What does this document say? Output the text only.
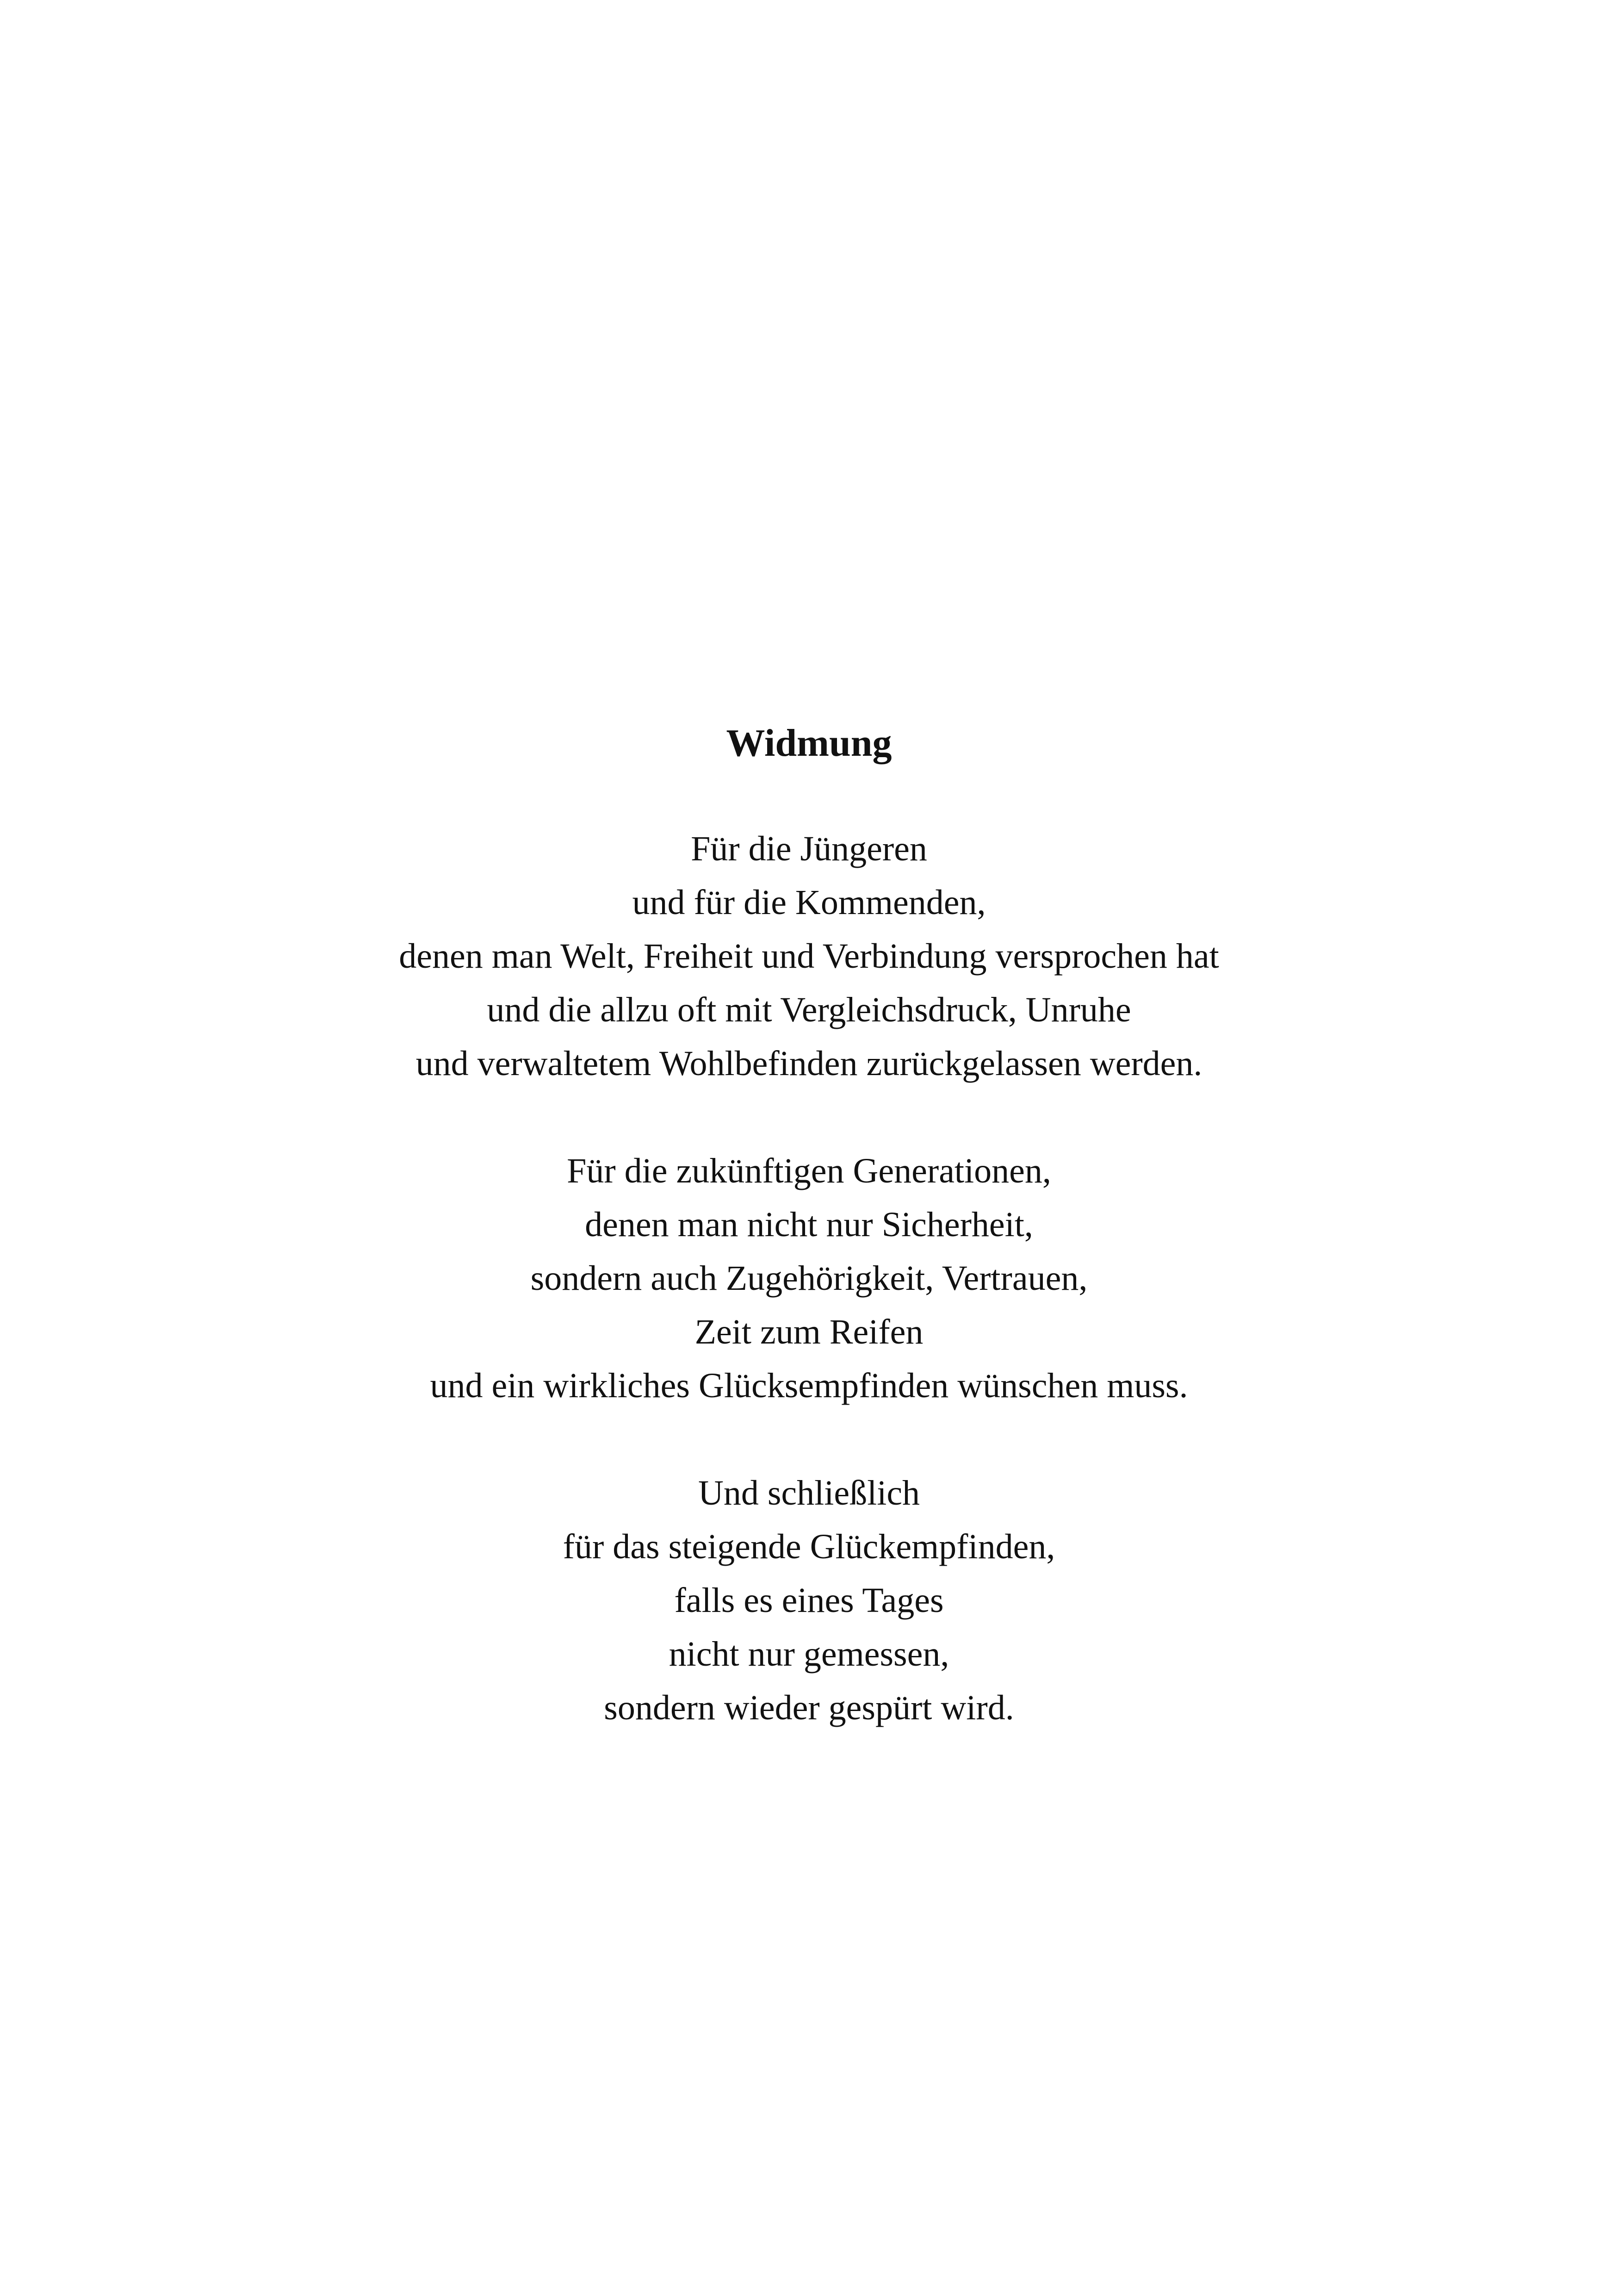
Widmung
Für die Jüngeren
und für die Kommenden,
denen man Welt, Freiheit und Verbindung versprochen hat
und die allzu oft mit Vergleichsdruck, Unruhe
und verwaltetem Wohlbefinden zurückgelassen werden.
Für die zukünftigen Generationen,
denen man nicht nur Sicherheit,
sondern auch Zugehörigkeit, Vertrauen,
Zeit zum Reifen
und ein wirkliches Glücksempfinden wünschen muss.
Und schließlich
für das steigende Glückempfinden,
falls es eines Tages
nicht nur gemessen,
sondern wieder gespürt wird.
